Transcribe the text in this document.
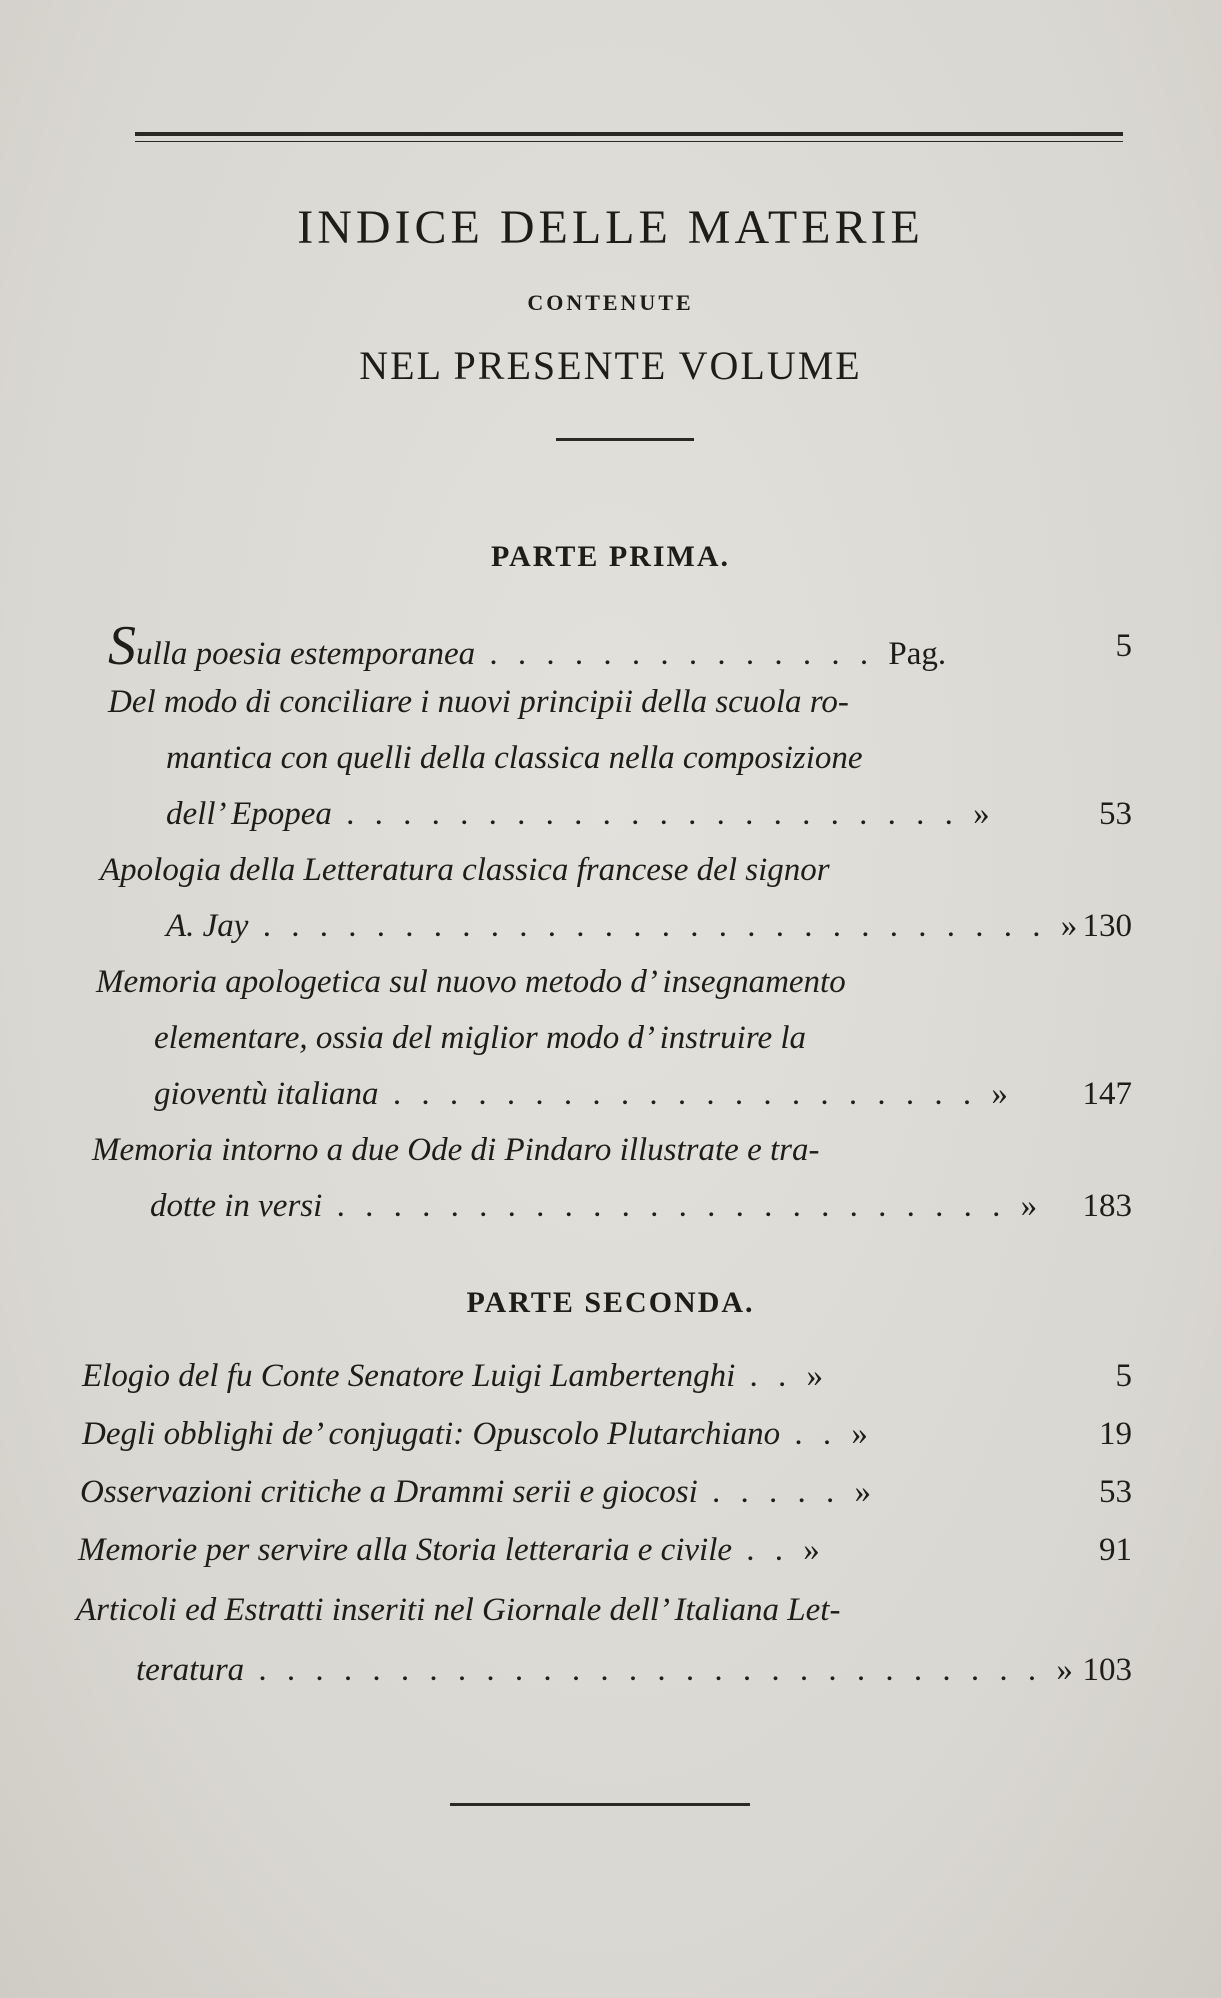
INDICE DELLE MATERIE
CONTENUTE
NEL PRESENTE VOLUME
PARTE PRIMA.
Sulla poesia estemporanea . . . . . . . . . . . . . . Pag.	5
Del modo di conciliare i nuovi principii della scuola ro-
mantica con quelli della classica nella composizione
dell’ Epopea . . . . . . . . . . . . . . . . . . . . . . »	53
Apologia della Letteratura classica francese del signor
A. Jay . . . . . . . . . . . . . . . . . . . . . . . . . . . . » 130
Memoria apologetica sul nuovo metodo d’ insegnamento
elementare, ossia del miglior modo d’ instruire la
gioventù italiana . . . . . . . . . . . . . . . . . . . . . »	147
Memoria intorno a due Ode di Pindaro illustrate e tra-
dotte in versi . . . . . . . . . . . . . . . . . . . . . . . . »	183
PARTE SECONDA.
Elogio del fu Conte Senatore Luigi Lambertenghi . . »	5
Degli obblighi de’ conjugati: Opuscolo Plutarchiano . . »	19
Osservazioni critiche a Drammi serii e giocosi . . . . . »	53
Memorie per servire alla Storia letteraria e civile . . »	91
Articoli ed Estratti inseriti nel Giornale dell’ Italiana Let-
teratura . . . . . . . . . . . . . . . . . . . . . . . . . . . . » 103
